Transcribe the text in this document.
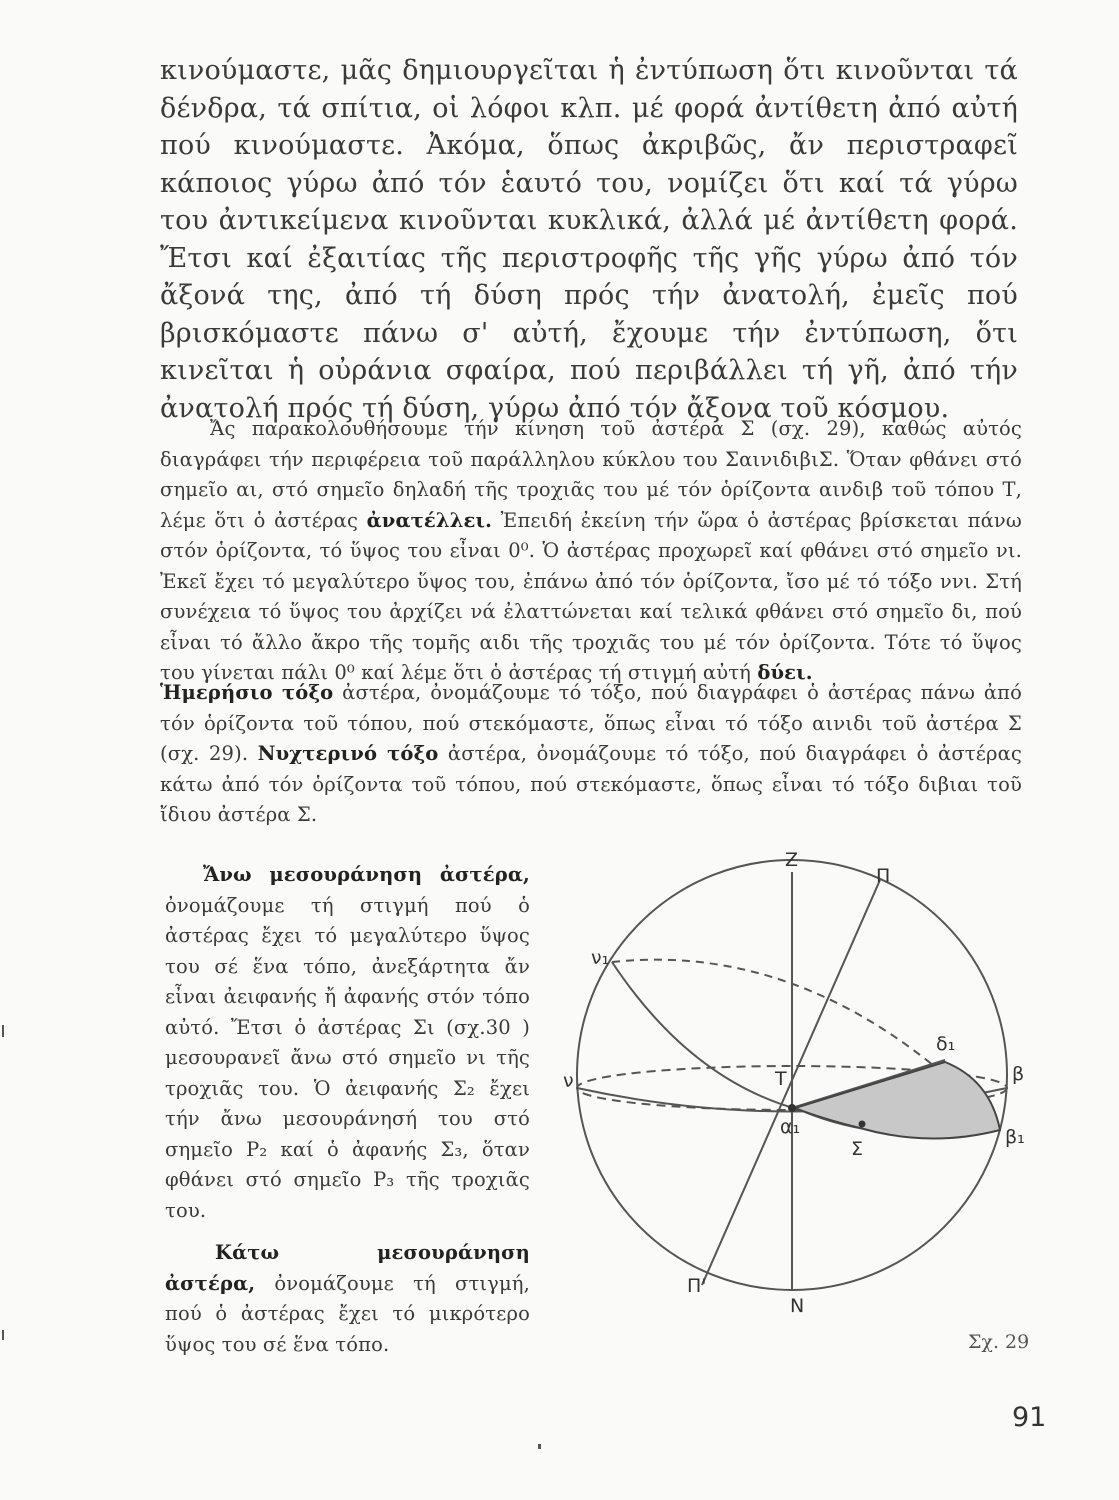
κινούμαστε, μᾶς δημιουργεῖται ἡ ἐντύπωση ὅτι κινοῦνται τά δένδρα, τά σπίτια, οἱ λόφοι κλπ. μέ φορά ἀντίθετη ἀπό αὐτή πού κινούμαστε. Ἀκόμα, ὅπως ἀκριβῶς, ἄν περιστραφεῖ κάποιος γύρω ἀπό τόν ἑαυτό του, νομίζει ὅτι καί τά γύρω του ἀντικείμενα κινοῦνται κυκλικά, ἀλλά μέ ἀντίθετη φορά. Ἔτσι καί ἐξαιτίας τῆς περιστροφῆς τῆς γῆς γύρω ἀπό τόν ἄξονά της, ἀπό τή δύση πρός τήν ἀνατολή, ἐμεῖς πού βρισκόμαστε πάνω σ' αὐτή, ἔχουμε τήν ἐντύπωση, ὅτι κινεῖται ἡ οὐράνια σφαίρα, πού περιβάλλει τή γῆ, ἀπό τήν ἀνατολή πρός τή δύση, γύρω ἀπό τόν ἄξονα τοῦ κόσμου.

Ἄς παρακολουθήσουμε τήν κίνηση τοῦ ἀστέρα Σ (σχ. 29), καθώς αὐτός διαγράφει τήν περιφέρεια τοῦ παράλληλου κύκλου του ΣαινιδιβιΣ. Ὅταν φθάνει στό σημεῖο αι, στό σημεῖο δηλαδή τῆς τροχιᾶς του μέ τόν ὁρίζοντα αινδιβ τοῦ τόπου Τ, λέμε ὅτι ὁ ἀστέρας ἀνατέλλει. Ἐπειδή ἐκείνη τήν ὥρα ὁ ἀστέρας βρίσκεται πάνω στόν ὁρίζοντα, τό ὕψος του εἶναι 0⁰. Ὁ ἀστέρας προχωρεῖ καί φθάνει στό σημεῖο νι. Ἐκεῖ ἔχει τό μεγαλύτερο ὕψος του, ἐπάνω ἀπό τόν ὁρίζοντα, ἴσο μέ τό τόξο ννι. Στή συνέχεια τό ὕψος του ἀρχίζει νά ἐλαττώνεται καί τελικά φθάνει στό σημεῖο δι, πού εἶναι τό ἄλλο ἄκρο τῆς τομῆς αιδι τῆς τροχιᾶς του μέ τόν ὁρίζοντα. Τότε τό ὕψος του γίνεται πάλι 0⁰ καί λέμε ὅτι ὁ ἀστέρας τή στιγμή αὐτή δύει.

Ἡμερήσιο τόξο ἀστέρα, ὀνομάζουμε τό τόξο, πού διαγράφει ὁ ἀστέρας πάνω ἀπό τόν ὁρίζοντα τοῦ τόπου, πού στεκόμαστε, ὅπως εἶναι τό τόξο αινιδι τοῦ ἀστέρα Σ (σχ. 29). Νυχτερινό τόξο ἀστέρα, ὀνομάζουμε τό τόξο, πού διαγράφει ὁ ἀστέρας κάτω ἀπό τόν ὁρίζοντα τοῦ τόπου, πού στεκόμαστε, ὅπως εἶναι τό τόξο διβιαι τοῦ ἴδιου ἀστέρα Σ.

Ἄνω μεσουράνηση ἀστέρα, ὀνομάζουμε τή στιγμή πού ὁ ἀστέρας ἔχει τό μεγαλύτερο ὕψος του σέ ἕνα τόπο, ἀνεξάρτητα ἄν εἶναι ἀειφανής ἤ ἀφανής στόν τόπο αὐτό. Ἔτσι ὁ ἀστέρας Σι (σχ.30 ) μεσουρανεῖ ἄνω στό σημεῖο νι τῆς τροχιᾶς του. Ὁ ἀειφανής Σ₂ ἔχει τήν ἄνω μεσουράνησή του στό σημεῖο Ρ₂ καί ὁ ἀφανής Σ₃, ὅταν φθάνει στό σημεῖο Ρ₃ τῆς τροχιᾶς του.

Κάτω μεσουράνηση ἀστέρα, ὀνομάζουμε τή στιγμή, πού ὁ ἀστέρας ἔχει τό μικρότερο ὕψος του σέ ἕνα τόπο.

Z
Π
ν₁
δ₁
β
ν	Τ
α₁
Σ
β₁
Π'
Ν
Σχ. 29
91
